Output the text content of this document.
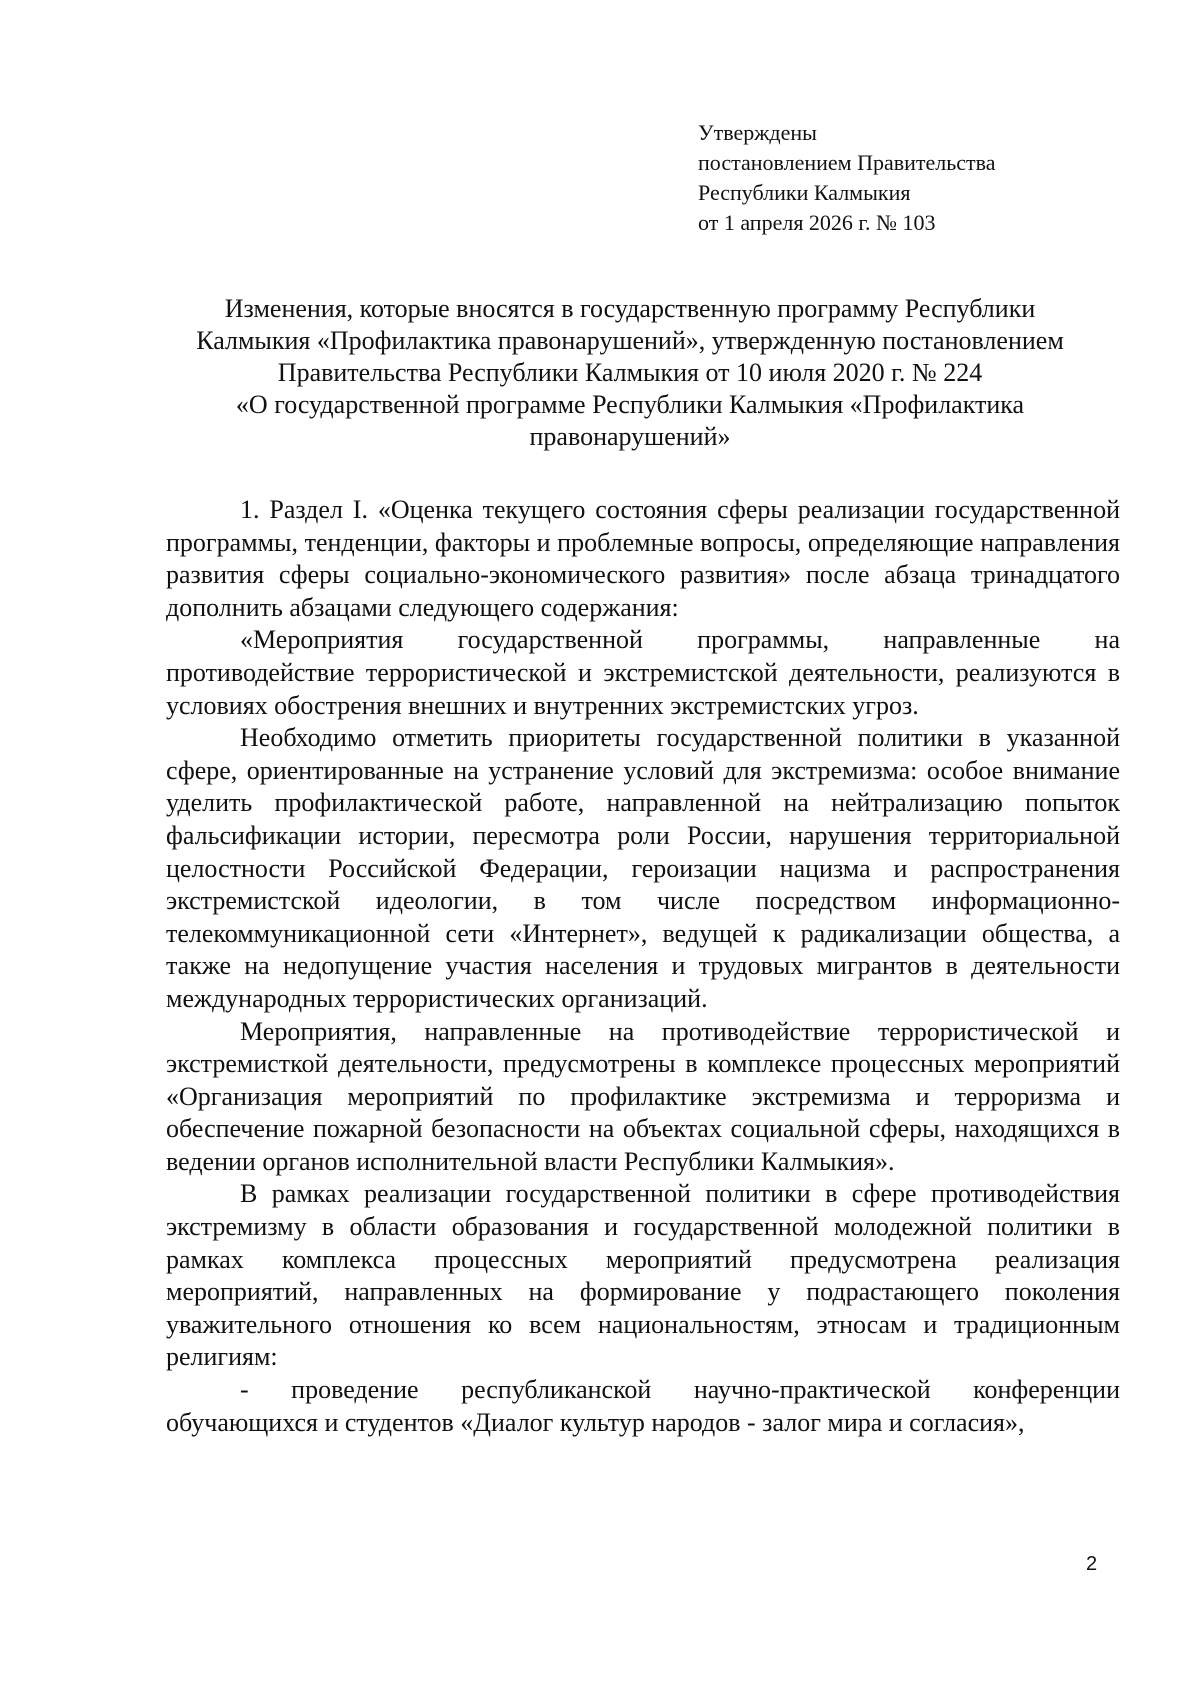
Утверждены
постановлением Правительства
Республики Калмыкия
от 1 апреля 2026 г. № 103
Изменения, которые вносятся в государственную программу Республики
Калмыкия «Профилактика правонарушений», утвержденную постановлением
Правительства Республики Калмыкия от 10 июля 2020 г. № 224
«О государственной программе Республики Калмыкия «Профилактика
правонарушений»

1. Раздел I. «Оценка текущего состояния сферы реализации государственной программы, тенденции, факторы и проблемные вопросы, определяющие направления развития сферы социально-экономического развития» после абзаца тринадцатого дополнить абзацами следующего содержания:

«Мероприятия государственной программы, направленные на противодействие террористической и экстремистской деятельности, реализуются в условиях обострения внешних и внутренних экстремистских угроз.

Необходимо отметить приоритеты государственной политики в указанной сфере, ориентированные на устранение условий для экстремизма: особое внимание уделить профилактической работе, направленной на нейтрализацию попыток фальсификации истории, пересмотра роли России, нарушения территориальной целостности Российской Федерации, героизации нацизма и распространения экстремистской идеологии, в том числе посредством информационно-телекоммуникационной сети «Интернет», ведущей к радикализации общества, а также на недопущение участия населения и трудовых мигрантов в деятельности международных террористических организаций.

Мероприятия, направленные на противодействие террористической и экстремисткой деятельности, предусмотрены в комплексе процессных мероприятий «Организация мероприятий по профилактике экстремизма и терроризма и обеспечение пожарной безопасности на объектах социальной сферы, находящихся в ведении органов исполнительной власти Республики Калмыкия».

В рамках реализации государственной политики в сфере противодействия экстремизму в области образования и государственной молодежной политики в рамках комплекса процессных мероприятий предусмотрена реализация мероприятий, направленных на формирование у подрастающего поколения уважительного отношения ко всем национальностям, этносам и традиционным религиям:

- проведение республиканской научно-практической конференции обучающихся и студентов «Диалог культур народов - залог мира и согласия»,

2
